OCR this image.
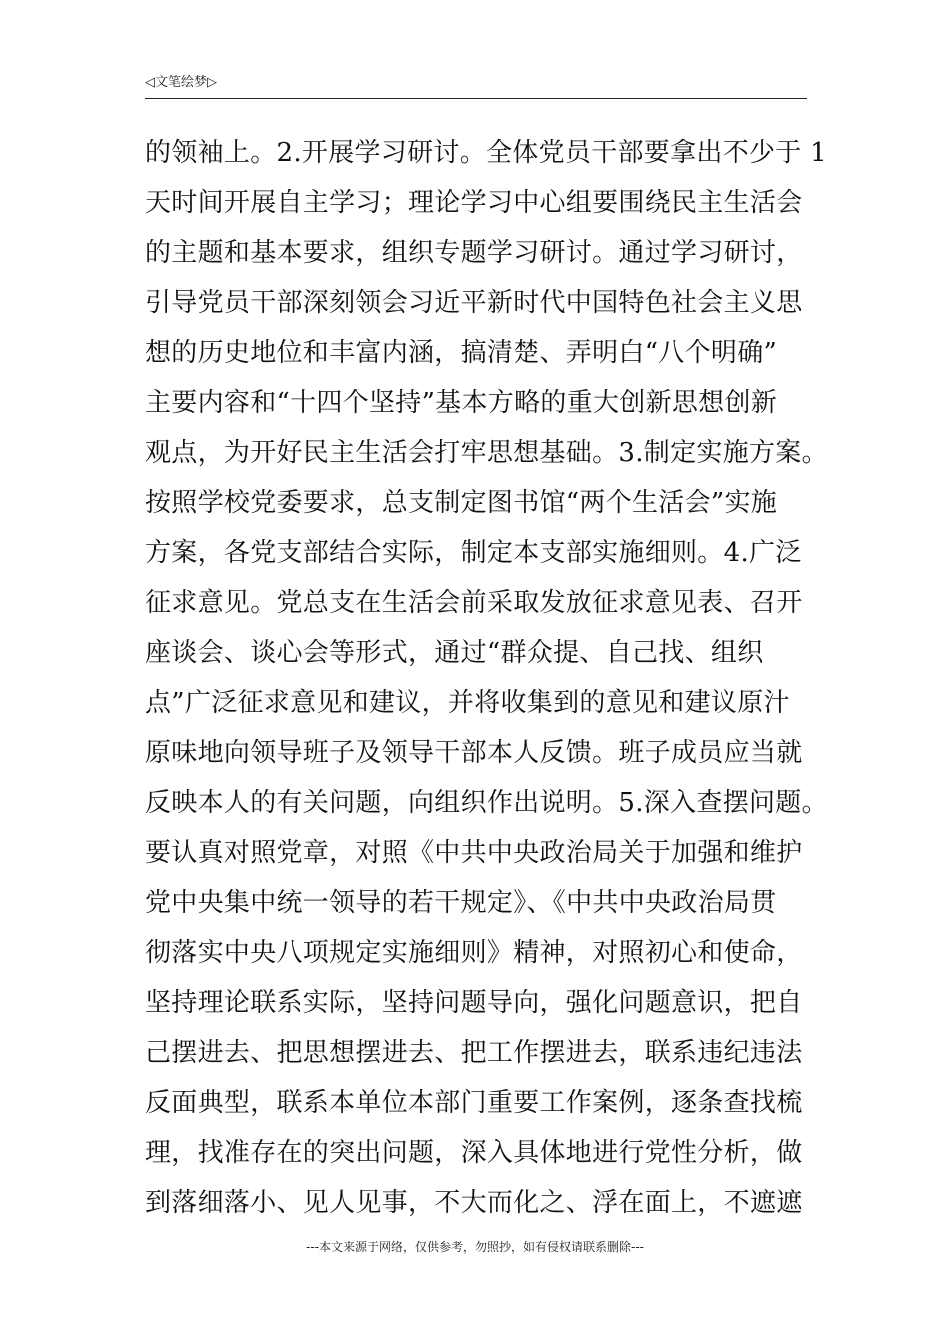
◁文笔绘梦▷
的领袖上。2.开展学习研讨。全体党员干部要拿出不少于 1
天时间开展自主学习；理论学习中心组要围绕民主生活会
的主题和基本要求，组织专题学习研讨。通过学习研讨，
引导党员干部深刻领会习近平新时代中国特色社会主义思
想的历史地位和丰富内涵，搞清楚、弄明白“八个明确”
主要内容和“十四个坚持”基本方略的重大创新思想创新
观点，为开好民主生活会打牢思想基础。3.制定实施方案。
按照学校党委要求，总支制定图书馆“两个生活会”实施
方案，各党支部结合实际，制定本支部实施细则。4.广泛
征求意见。党总支在生活会前采取发放征求意见表、召开
座谈会、谈心会等形式，通过“群众提、自己找、组织
点”广泛征求意见和建议，并将收集到的意见和建议原汁
原味地向领导班子及领导干部本人反馈。班子成员应当就
反映本人的有关问题，向组织作出说明。5.深入查摆问题。
要认真对照党章，对照《中共中央政治局关于加强和维护
党中央集中统一领导的若干规定》、《中共中央政治局贯
彻落实中央八项规定实施细则》精神，对照初心和使命，
坚持理论联系实际，坚持问题导向，强化问题意识，把自
己摆进去、把思想摆进去、把工作摆进去，联系违纪违法
反面典型，联系本单位本部门重要工作案例，逐条查找梳
理，找准存在的突出问题，深入具体地进行党性分析，做
到落细落小、见人见事，不大而化之、浮在面上，不遮遮
---本文来源于网络，仅供参考，勿照抄，如有侵权请联系删除---
